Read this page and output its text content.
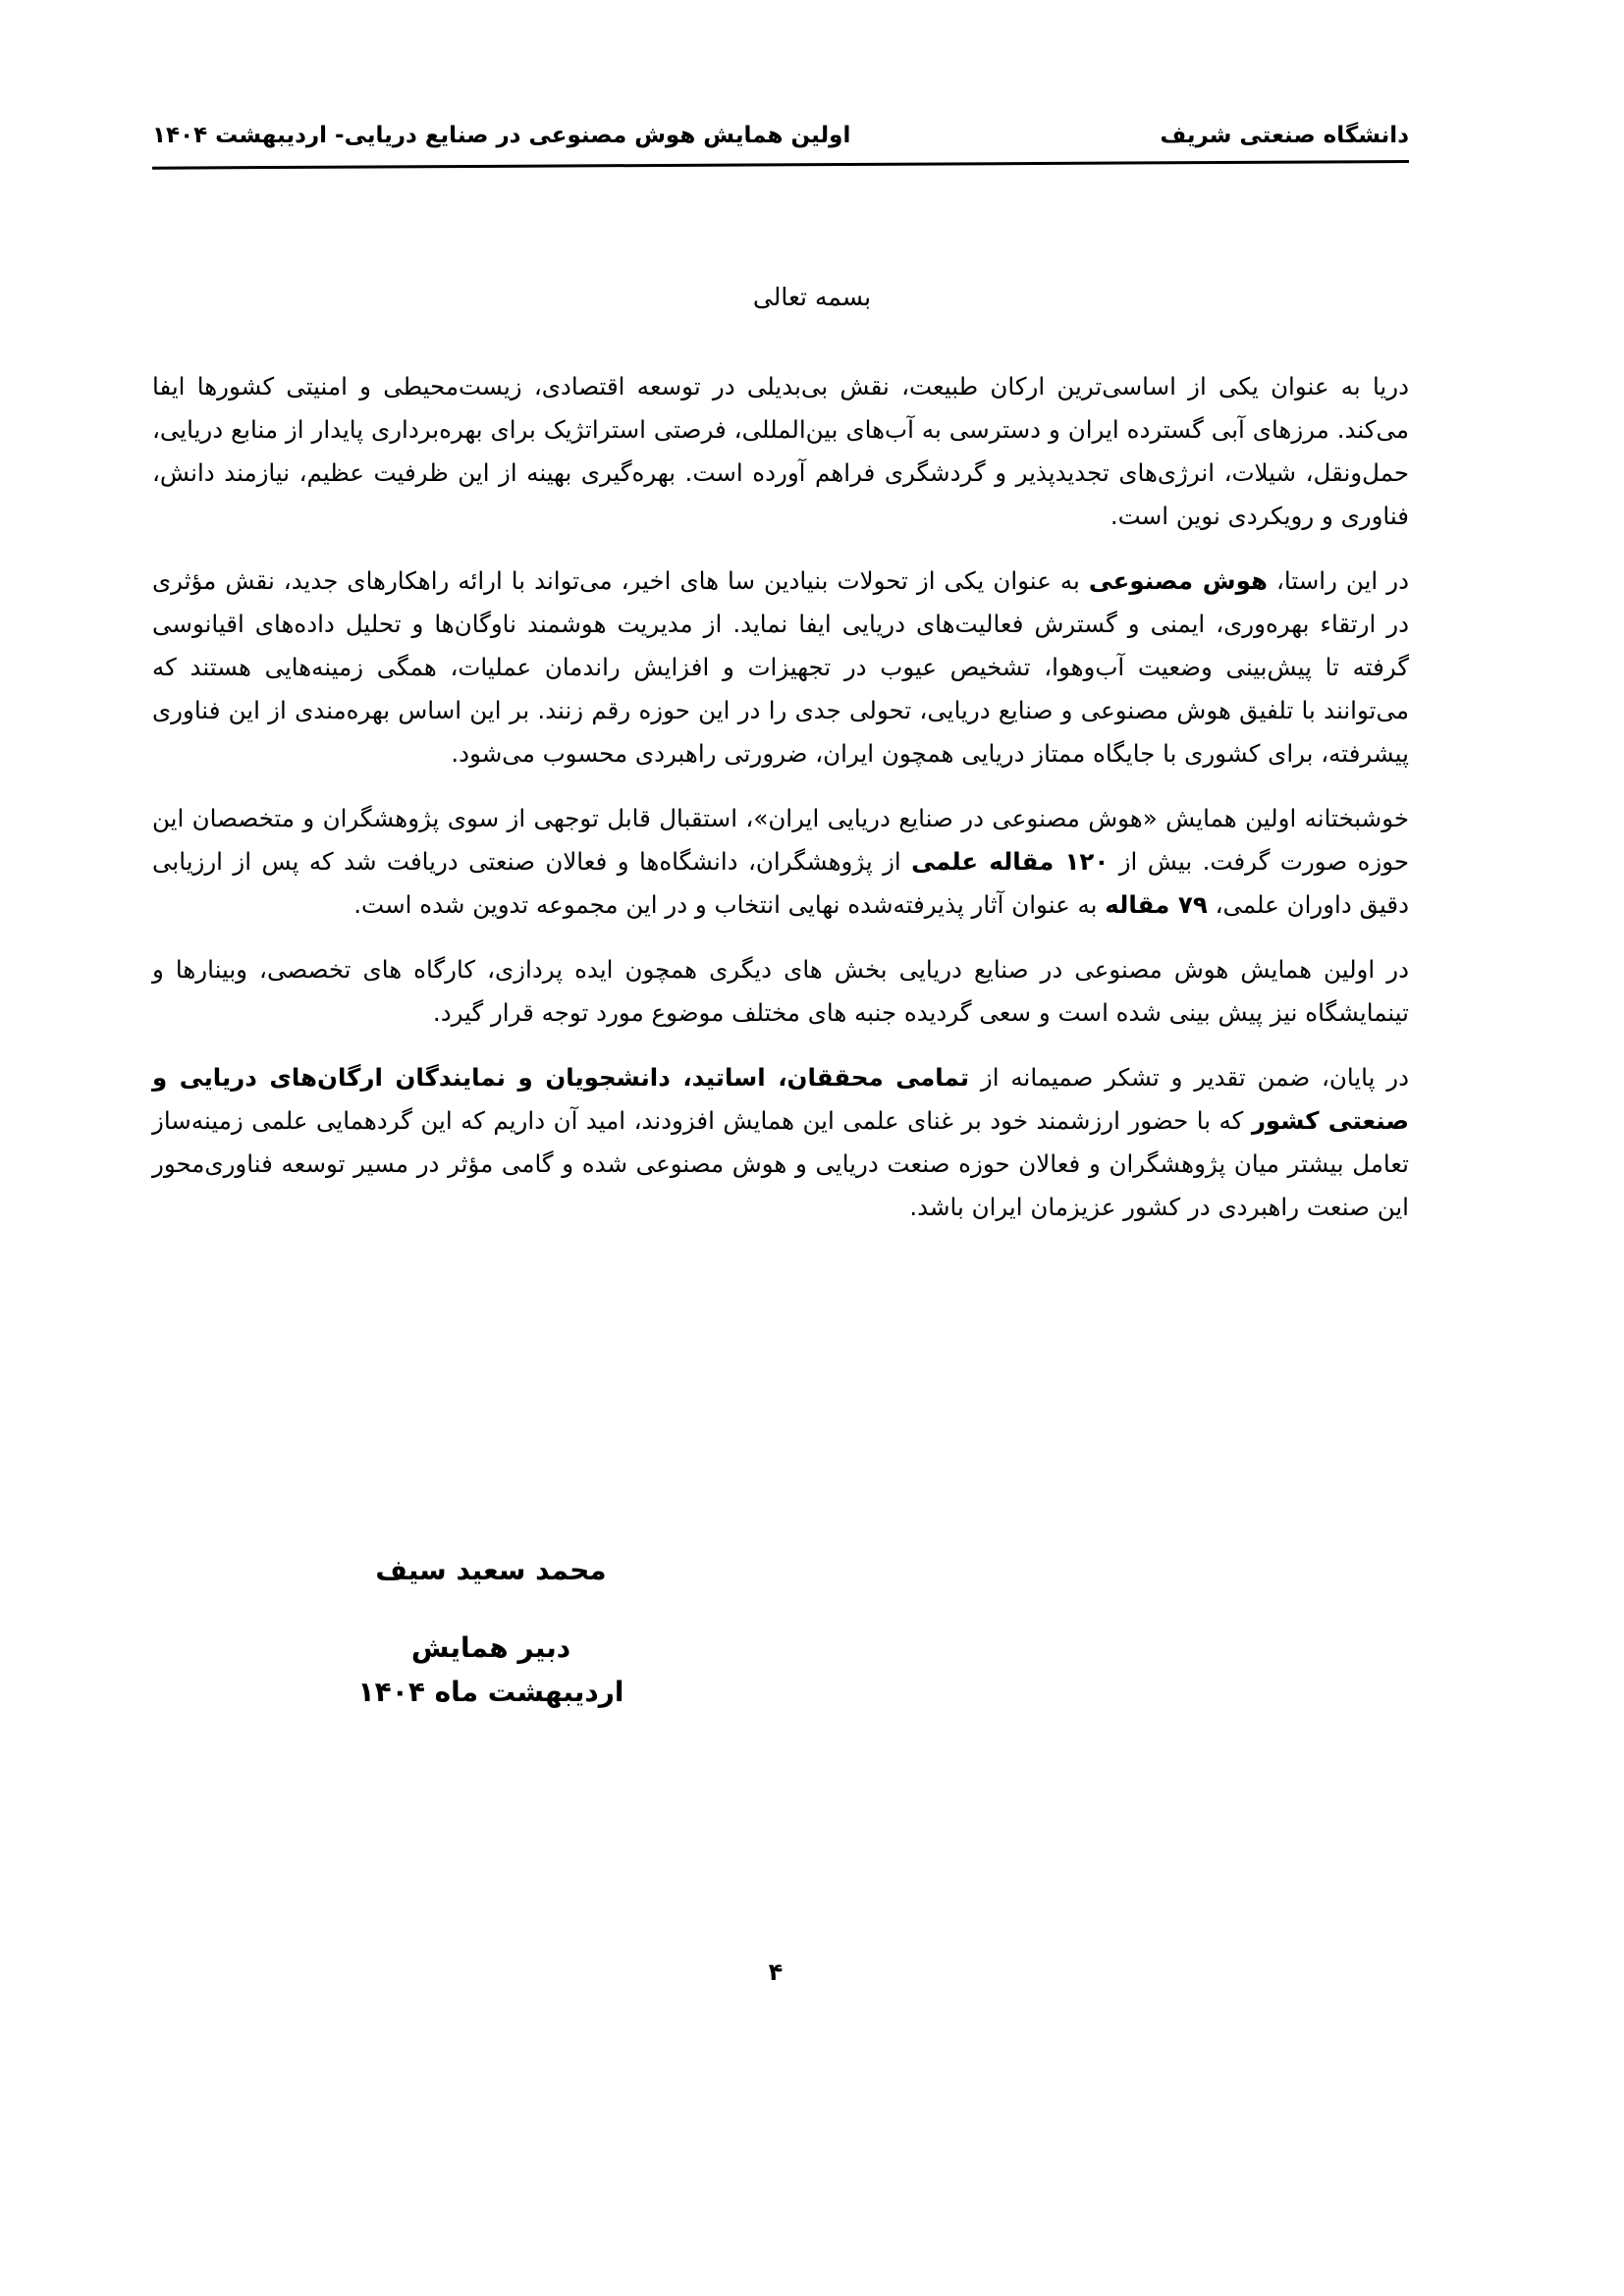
دانشگاه صنعتی شریف
اولین همایش هوش مصنوعی در صنایع دریایی- اردیبهشت ۱۴۰۴
بسمه تعالی

دریا به عنوان یکی از اساسی‌ترین ارکان طبیعت، نقش بی‌بدیلی در توسعه اقتصادی، زیست‌محیطی و امنیتی کشورها ایفا می‌کند. مرزهای آبی گسترده ایران و دسترسی به آب‌های بین‌المللی، فرصتی استراتژیک برای بهره‌برداری پایدار از منابع دریایی، حمل‌ونقل، شیلات، انرژی‌های تجدیدپذیر و گردشگری فراهم آورده است. بهره‌گیری بهینه از این ظرفیت عظیم، نیازمند دانش، فناوری و رویکردی نوین است.

در این راستا، هوش مصنوعی به عنوان یکی از تحولات بنیادین سا های اخیر، می‌تواند با ارائه راهکارهای جدید، نقش مؤثری در ارتقاء بهره‌وری، ایمنی و گسترش فعالیت‌های دریایی ایفا نماید. از مدیریت هوشمند ناوگان‌ها و تحلیل داده‌های اقیانوسی گرفته تا پیش‌بینی وضعیت آب‌وهوا، تشخیص عیوب در تجهیزات و افزایش راندمان عملیات، همگی زمینه‌هایی هستند که می‌توانند با تلفیق هوش مصنوعی و صنایع دریایی، تحولی جدی را در این حوزه رقم زنند. بر این اساس بهره‌مندی از این فناوری پیشرفته، برای کشوری با جایگاه ممتاز دریایی همچون ایران، ضرورتی راهبردی محسوب می‌شود.

خوشبختانه اولین همایش «هوش مصنوعی در صنایع دریایی ایران»، استقبال قابل توجهی از سوی پژوهشگران و متخصصان این حوزه صورت گرفت. بیش از ۱۲۰ مقاله علمی از پژوهشگران، دانشگاه‌ها و فعالان صنعتی دریافت شد که پس از ارزیابی دقیق داوران علمی، ۷۹ مقاله به عنوان آثار پذیرفته‌شده نهایی انتخاب و در این مجموعه تدوین شده است.

در اولین همایش هوش مصنوعی در صنایع دریایی بخش های دیگری همچون ایده پردازی، کارگاه های تخصصی، وبینارها و تینمایشگاه نیز پیش بینی شده است و سعی گردیده جنبه های مختلف موضوع مورد توجه قرار گیرد.

در پایان، ضمن تقدیر و تشکر صمیمانه از تمامی محققان، اساتید، دانشجویان و نمایندگان ارگان‌های دریایی و صنعتی کشور که با حضور ارزشمند خود بر غنای علمی این همایش افزودند، امید آن داریم که این گردهمایی علمی زمینه‌ساز تعامل بیشتر میان پژوهشگران و فعالان حوزه صنعت دریایی و هوش مصنوعی شده و گامی مؤثر در مسیر توسعه فناوری‌محور این صنعت راهبردی در کشور عزیزمان ایران باشد.

محمد سعید سیف
دبیر همایش
اردیبهشت ماه ۱۴۰۴
۴
